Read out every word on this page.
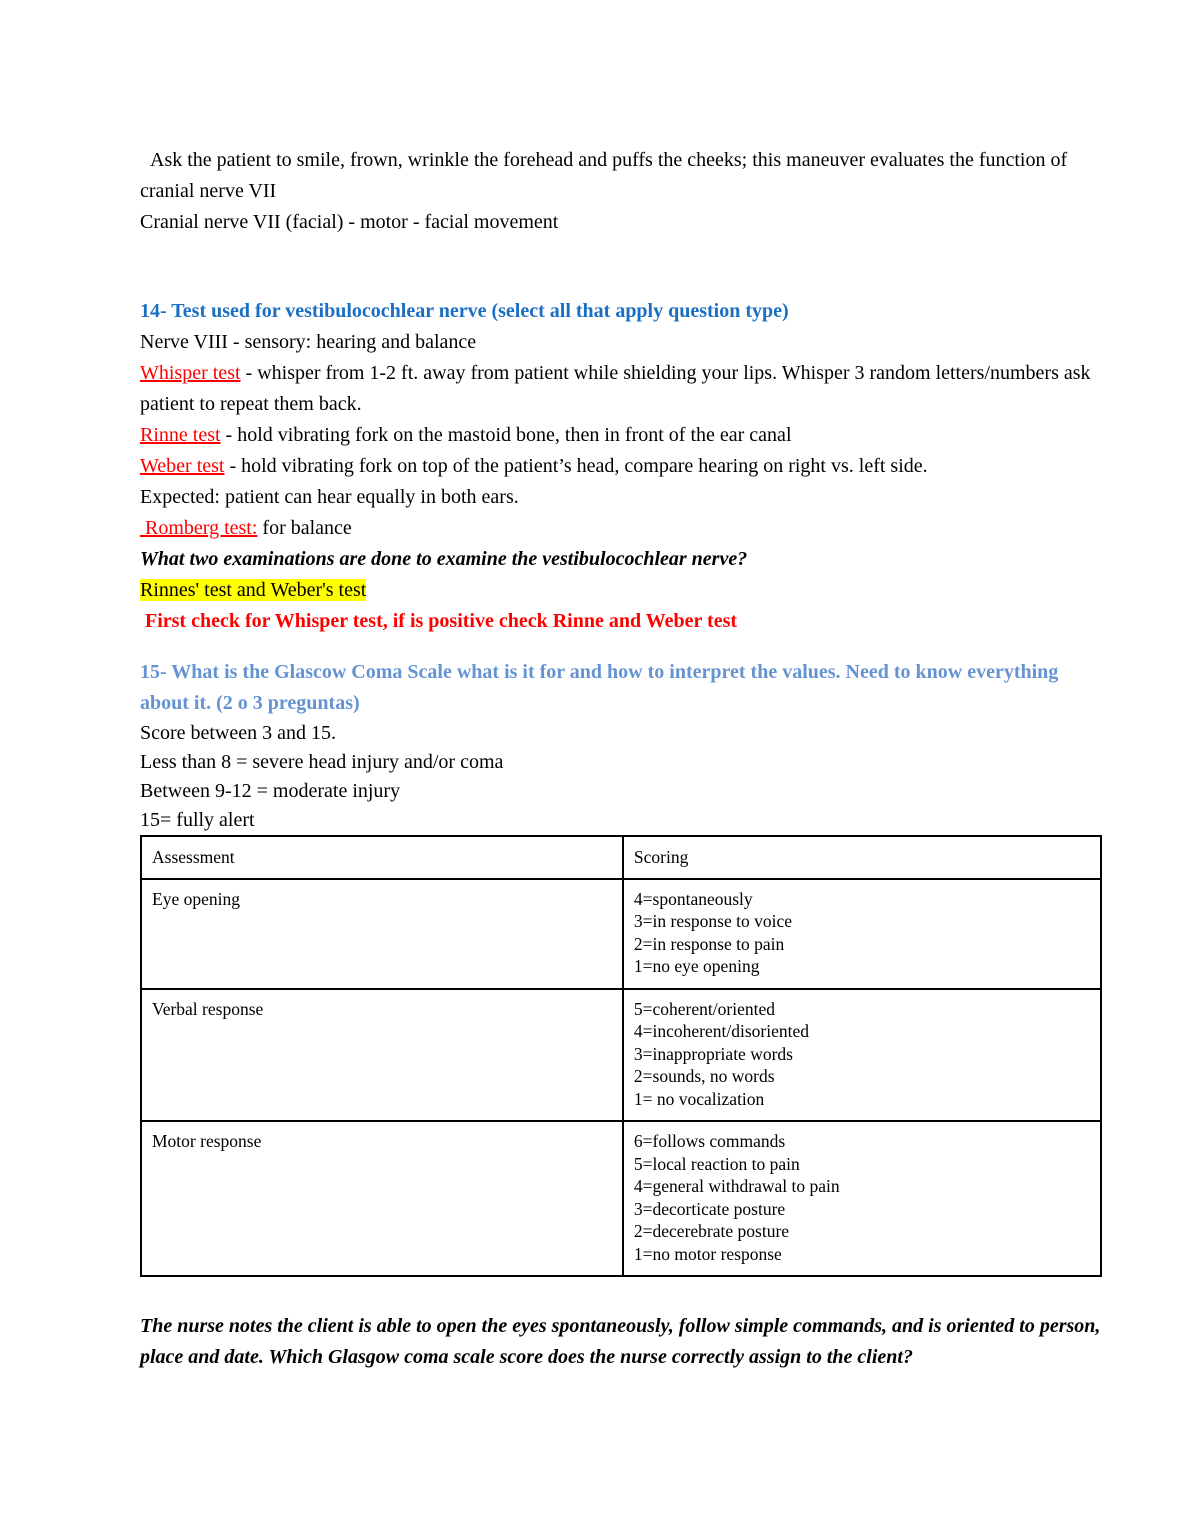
Ask the patient to smile, frown, wrinkle the forehead and puffs the cheeks; this maneuver evaluates the function of cranial nerve VII

Cranial nerve VII (facial) - motor - facial movement

14- Test used for vestibulocochlear nerve (select all that apply question type)

Nerve VIII - sensory: hearing and balance

Whisper test - whisper from 1-2 ft. away from patient while shielding your lips. Whisper 3 random letters/numbers ask patient to repeat them back.

Rinne test - hold vibrating fork on the mastoid bone, then in front of the ear canal

Weber test - hold vibrating fork on top of the patient’s head, compare hearing on right vs. left side.

Expected: patient can hear equally in both ears.

Romberg test: for balance

What two examinations are done to examine the vestibulocochlear nerve?

Rinnes' test and Weber's test

First check for Whisper test, if is positive check Rinne and Weber test

15- What is the Glascow Coma Scale what is it for and how to interpret the values. Need to know everything about it. (2 o 3 preguntas)

Score between 3 and 15.

Less than 8 = severe head injury and/or coma

Between 9-12 = moderate injury

15= fully alert

Assessment	Scoring
Eye opening	4=spontaneously
3=in response to voice
2=in response to pain
1=no eye opening

Verbal response	5=coherent/oriented
4=incoherent/disoriented
3=inappropriate words
2=sounds, no words
1= no vocalization

Motor response	6=follows commands
5=local reaction to pain
4=general withdrawal to pain
3=decorticate posture
2=decerebrate posture
1=no motor response

The nurse notes the client is able to open the eyes spontaneously, follow simple commands, and is oriented to person, place and date. Which Glasgow coma scale score does the nurse correctly assign to the client?
